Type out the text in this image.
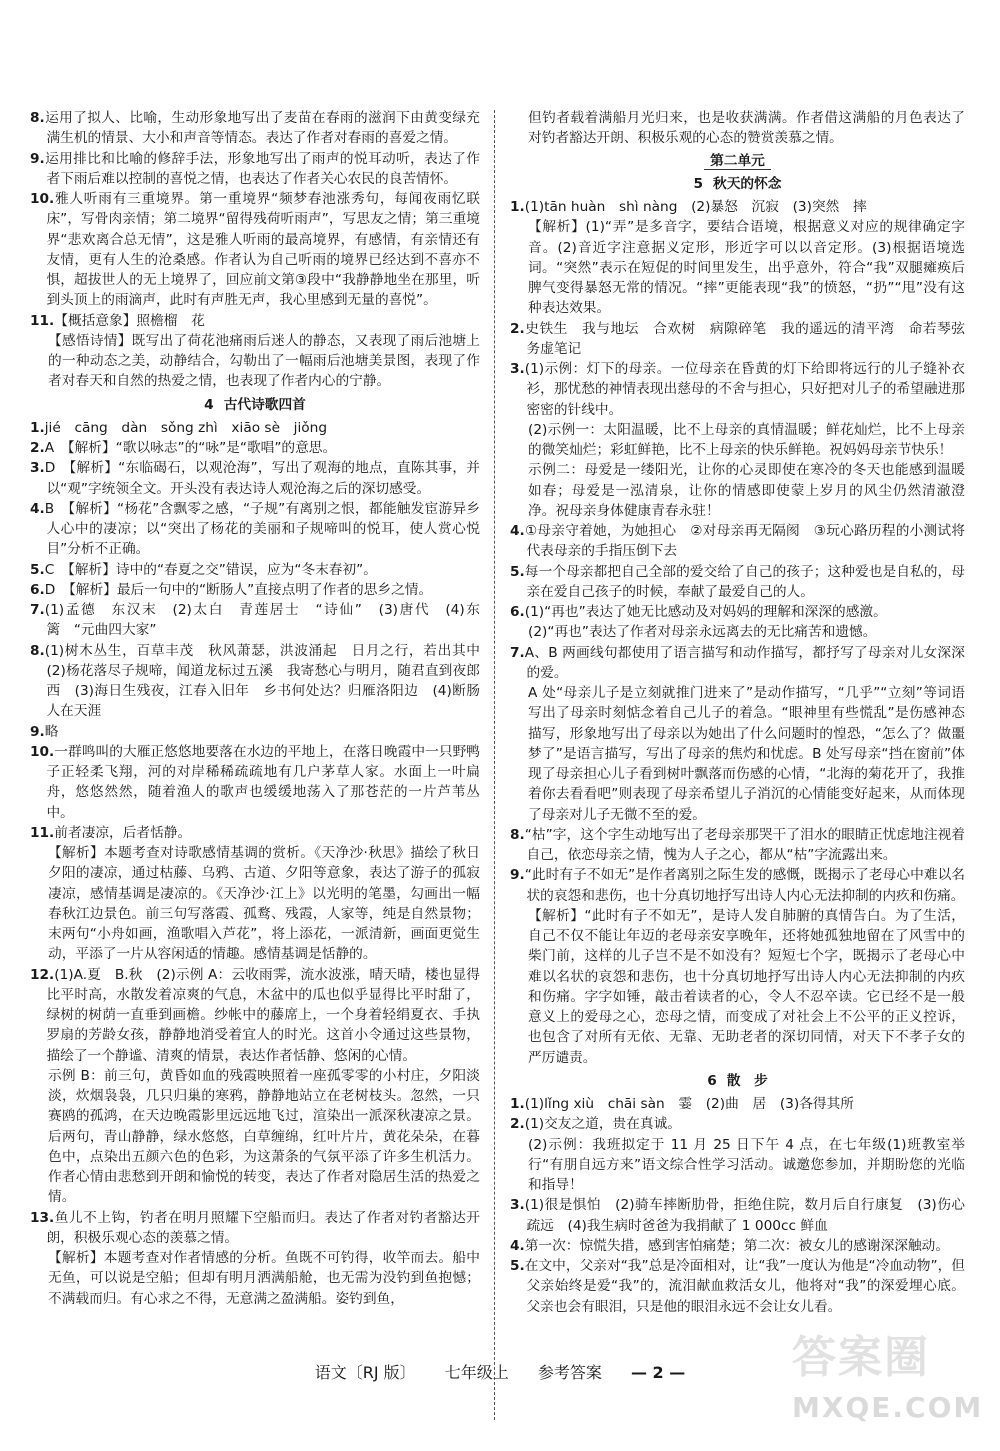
8.运用了拟人、比喻，生动形象地写出了麦苗在春雨的滋润下由黄变绿充满生机的情景、大小和声音等情态。表达了作者对春雨的喜爱之情。

9.运用排比和比喻的修辞手法，形象地写出了雨声的悦耳动听，表达了作者下雨后难以控制的喜悦之情，也表达了作者关心农民的良苦情怀。

10.雅人听雨有三重境界。第一重境界“频梦春池涨秀句，每闻夜雨忆联床”，写骨肉亲情；第二境界“留得残荷听雨声”，写思友之情；第三重境界“悲欢离合总无情”，这是雅人听雨的最高境界，有感情，有亲情还有友情，更有人生的沧桑感。作者认为自己听雨的境界已经达到不喜亦不惧，超拔世人的无上境界了，回应前文第③段中“我静静地坐在那里，听到头顶上的雨滴声，此时有声胜无声，我心里感到无量的喜悦”。

11.【概括意象】照檐榴　花

【感悟诗情】既写出了荷花池痛雨后迷人的静态，又表现了雨后池塘上的一种动态之美，动静结合，勾勒出了一幅雨后池塘美景图，表现了作者对春天和自然的热爱之情，也表现了作者内心的宁静。

4 古代诗歌四首

1.jié　cāng　dàn　sǒng zhì　xiāo sè　jiǒng

2.A　【解析】“歌以咏志”的“咏”是“歌唱”的意思。

3.D　【解析】“东临碣石，以观沧海”，写出了观海的地点，直陈其事，并以“观”字统领全文。开头没有表达诗人观沧海之后的深切感受。

4.B　【解析】“杨花”含飘零之感，“子规”有离别之恨，都能触发宦游异乡人心中的凄凉；以“突出了杨花的美丽和子规啼叫的悦耳，使人赏心悦目”分析不正确。

5.C　【解析】诗中的“春夏之交”错误，应为“冬末春初”。

6.D　【解析】最后一句中的“断肠人”直接点明了作者的思乡之情。

7.(1)孟德　东汉末　(2)太白　青莲居士　“诗仙”　(3)唐代　(4)东篱　“元曲四大家”

8.(1)树木丛生，百草丰茂　秋风萧瑟，洪波涌起　日月之行，若出其中　(2)杨花落尽子规啼，闻道龙标过五溪　我寄愁心与明月，随君直到夜郎西　(3)海日生残夜，江春入旧年　乡书何处达？归雁洛阳边　(4)断肠人在天涯

9.略

10.一群鸣叫的大雁正悠悠地要落在水边的平地上，在落日晚霞中一只野鸭子正轻柔飞翔，河的对岸稀稀疏疏地有几户茅草人家。水面上一叶扁舟，悠悠然然，随着渔人的歌声也缓缓地荡入了那苍茫的一片芦苇丛中。

11.前者凄凉，后者恬静。

【解析】本题考查对诗歌感情基调的赏析。《天净沙·秋思》描绘了秋日夕阳的凄凉，通过枯藤、乌鸦、古道、夕阳等意象，表达了游子的孤寂凄凉，感情基调是凄凉的。《天净沙·江上》以光明的笔墨，勾画出一幅春秋江边景色。前三句写落霞、孤鹜、残霞，人家等，纯是自然景物；末两句“小舟如画，渔歌唱入芦花”，将上添花，一派清新，画面更觉生动，平添了一片从容闲适的情趣。感情基调是恬静的。

12.(1)A.夏　B.秋　(2)示例 A：云收雨霁，流水波涨，晴天晴，楼也显得比平时高，水散发着凉爽的气息，木盆中的瓜也似乎显得比平时甜了，绿树的树荫一直垂到画檐。纱帐中的藤席上，一个身着轻绢夏衣、手执罗扇的芳龄女孩，静静地消受着宜人的时光。这首小令通过这些景物，描绘了一个静谧、清爽的情景，表达作者恬静、悠闲的心情。

示例 B：前三句，黄昏如血的残霞映照着一座孤零零的小村庄，夕阳淡淡，炊烟袅袅，几只归巢的寒鸦，静静地站立在老树枝头。忽然，一只赛鸥的孤鸿，在天边晚霞影里远远地飞过，渲染出一派深秋凄凉之景。后两句，青山静静，绿水悠悠，白草缠绵，红叶片片，黄花朵朵，在暮色中，点染出五颜六色的色彩，为这萧条的气氛平添了许多生机活力。作者心情由悲愁到开朗和愉悦的转变，表达了作者对隐居生活的热爱之情。

13.鱼儿不上钩，钓者在明月照耀下空船而归。表达了作者对钓者豁达开朗，积极乐观心态的羡慕之情。

【解析】本题考查对作者情感的分析。鱼既不可钓得，收竿而去。船中无鱼，可以说是空船；但却有明月洒满船舱，也无需为没钓到鱼抱憾；不满载而归。有心求之不得，无意满之盈满船。姿钓到鱼，

但钓者载着满船月光归来，也是收获满满。作者借这满船的月色表达了对钓者豁达开朗、积极乐观的心态的赞赏羡慕之情。

第二单元
5 秋天的怀念

1.(1)tān huàn　shì nàng　(2)暴怒　沉寂　(3)突然　摔

【解析】(1)“弄”是多音字，要结合语境，根据意义对应的规律确定字音。(2)音近字注意据义定形，形近字可以以音定形。(3)根据语境选词。“突然”表示在短促的时间里发生，出乎意外，符合“我”双腿瘫痪后脾气变得暴怒无常的情况。“摔”更能表现“我”的愤怒，“扔”“甩”没有这种表达效果。

2.史铁生　我与地坛　合欢树　病隙碎笔　我的遥远的清平湾　命若琴弦　务虚笔记

3.(1)示例：灯下的母亲。一位母亲在昏黄的灯下给即将远行的儿子缝补衣衫，那忧愁的神情表现出慈母的不舍与担心，只好把对儿子的希望融进那密密的针线中。

(2)示例一：太阳温暖，比不上母亲的真情温暖；鲜花灿烂，比不上母亲的微笑灿烂；彩虹鲜艳，比不上母亲的快乐鲜艳。祝妈妈母亲节快乐！

示例二：母爱是一缕阳光，让你的心灵即使在寒冷的冬天也能感到温暖如春；母爱是一泓清泉，让你的情感即使蒙上岁月的风尘仍然清澈澄净。祝母亲身体健康青春永驻！

4.①母亲守着她，为她担心　②对母亲再无隔阂　③玩心路历程的小测试将代表母亲的手指压倒下去

5.每一个母亲都把自己全部的爱交给了自己的孩子；这种爱也是自私的，母亲在爱自己孩子的时候，奉献了最爱自己的人。

6.(1)“再也”表达了她无比感动及对妈妈的理解和深深的感激。

(2)“再也”表达了作者对母亲永远离去的无比痛苦和遗憾。

7.A、B 两画线句都使用了语言描写和动作描写，都抒写了母亲对儿女深深的爱。

A 处“母亲儿子是立刻就推门进来了”是动作描写，“几乎”“立刻”等词语写出了母亲时刻惦念着自己儿子的着急。“眼神里有些慌乱”是伤感神态描写，形象地写出了母亲以为她出了什么问题时的惶恐，“怎么了？做噩梦了”是语言描写，写出了母亲的焦灼和忧虑。B 处写母亲“挡在窗前”体现了母亲担心儿子看到树叶飘落而伤感的心情，“北海的菊花开了，我推着你去看看吧”则表现了母亲希望儿子消沉的心情能变好起来，从而体现了母亲对儿子无微不至的爱。

8.“枯”字，这个字生动地写出了老母亲那哭干了泪水的眼睛正忧虑地注视着自己，依恋母亲之情，愧为人子之心，都从“枯”字流露出来。

9.“此时有子不如无”是作者离别之际生发的感慨，既揭示了老母心中难以名状的哀怨和悲伤，也十分真切地抒写出诗人内心无法抑制的内疚和伤痛。

【解析】“此时有子不如无”，是诗人发自肺腑的真情告白。为了生活，自己不仅不能让年迈的老母亲安享晚年，还将她孤独地留在了风雪中的柴门前，这样的儿子岂不是不如没有？短短七个字，既揭示了老母心中难以名状的哀怨和悲伤，也十分真切地抒写出诗人内心无法抑制的内疚和伤痛。字字如锤，敲击着读者的心，令人不忍卒读。它已经不是一般意义上的爱母之心，恋母之情，而变成了对社会上不公平的正义控诉，也包含了对所有无依、无靠、无助老者的深切同情，对天下不孝子女的严厉谴责。

6 散　步

1.(1)lǐng xiù　chāi sàn　霎　(2)曲　居　(3)各得其所

2.(1)交友之道，贵在真诚。

(2)示例：我班拟定于 11 月 25 日下午 4 点，在七年级(1)班教室举行“有朋自远方来”语文综合性学习活动。诚邀您参加，并期盼您的光临和指导！

3.(1)很是惧怕　(2)骑车摔断肋骨，拒绝住院，数月后自行康复　(3)伤心疏远　(4)我生病时爸爸为我捐献了 1 000cc 鲜血

4.第一次：惊慌失措，感到害怕痛楚；第二次：被女儿的感谢深深触动。

5.在文中，父亲对“我”总是冷面相对，让“我”一度认为他是“冷血动物”，但父亲始终是爱“我”的，流泪献血救活女儿，他将对“我”的深爱埋心底。父亲也会有眼泪，只是他的眼泪永远不会让女儿看。

语文〔RJ 版〕 七年级上 参考答案 — 2 —	答案圈
MXQE.COM
